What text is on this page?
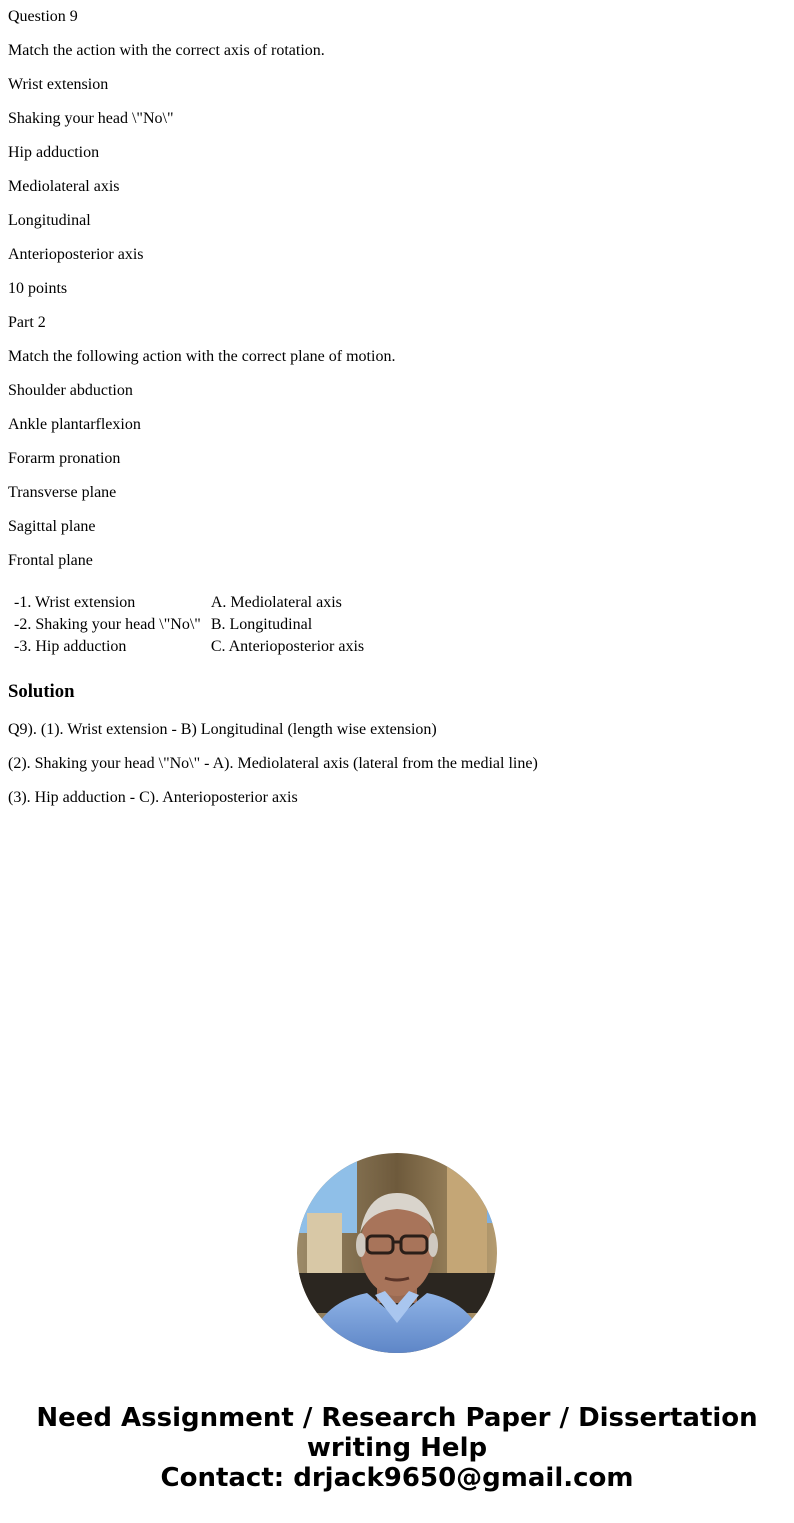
Question 9

Match the action with the correct axis of rotation.

Wrist extension

Shaking your head \"No\"

Hip adduction

Mediolateral axis

Longitudinal

Anterioposterior axis

10 points

Part 2

Match the following action with the correct plane of motion.

Shoulder abduction

Ankle plantarflexion

Forarm pronation

Transverse plane

Sagittal plane

Frontal plane

-1. Wrist extension	A. Mediolateral axis
-2. Shaking your head \"No\"	B. Longitudinal
-3. Hip adduction	C. Anterioposterior axis
Solution

Q9). (1). Wrist extension - B) Longitudinal (length wise extension)

(2). Shaking your head \"No\" - A). Mediolateral axis (lateral from the medial line)

(3). Hip adduction - C). Anterioposterior axis

Need Assignment / Research Paper / Dissertation
writing Help
Contact: drjack9650@gmail.com
